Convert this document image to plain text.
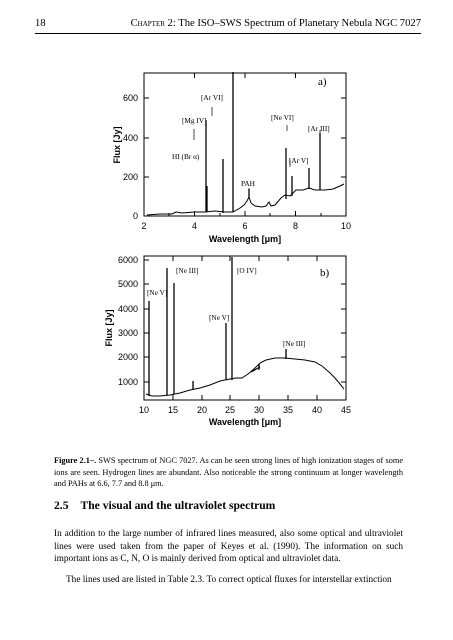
18	Chapter 2: The ISO–SWS Spectrum of Planetary Nebula NGC 7027
[Ar VI]
[Mg IV]
HI (Br α)
[Ne VI]
[Ar III]
[Ar V]
PAH
a)
2	4	6	8	10
0
200
400
600
Wavelength [μm]
Flux [Jy]
[Ne III]	[O IV]
[Ne V]
[Ne V]
[Ne III]
b)
10 15 20 25 30 35 40 45
1000
2000
3000
4000
5000
6000
Wavelength [μm]
Flux [Jy]
Figure 2.1–. SWS spectrum of NGC 7027. As can be seen strong lines of high ionization stages of some ions are seen. Hydrogen lines are abundant. Also noticeable the strong continuum at longer wavelength and PAHs at 6.6, 7.7 and 8.8 μm.
2.5 The visual and the ultraviolet spectrum
In addition to the large number of infrared lines measured, also some optical and ultraviolet lines were used taken from the paper of Keyes et al. (1990). The information on such important ions as C, N, O is mainly derived from optical and ultraviolet data.
The lines used are listed in Table 2.3. To correct optical fluxes for interstellar extinction
